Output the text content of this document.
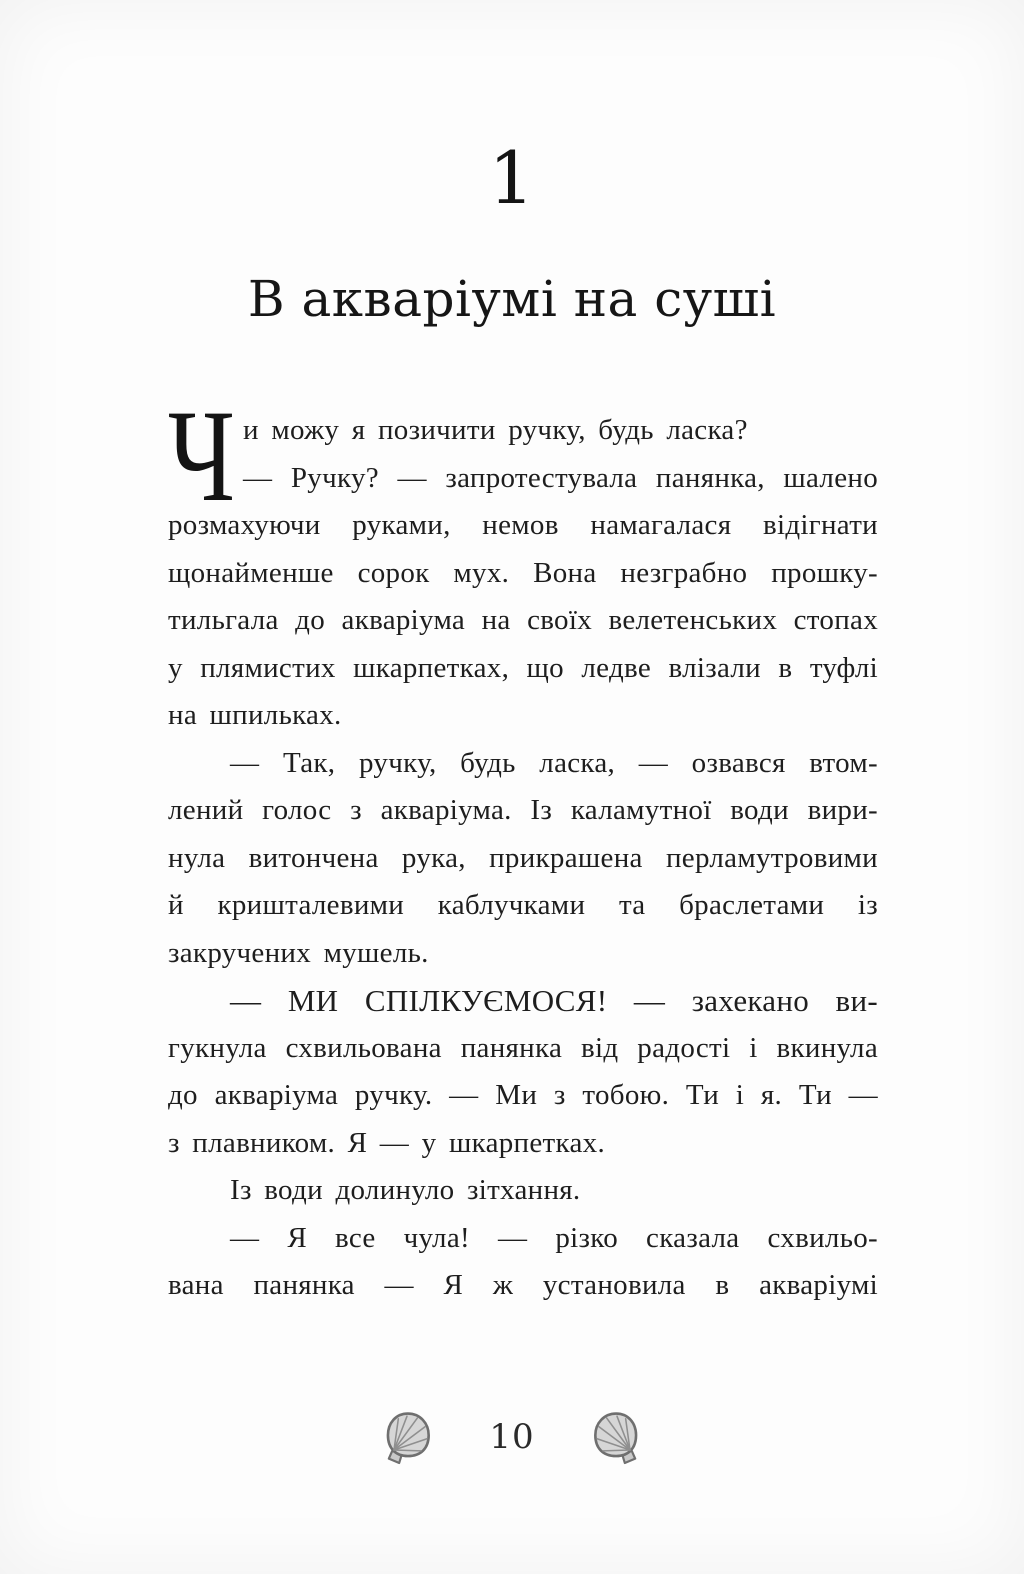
1
В акваріумі на суші
Ч и можу я позичити ручку, будь ласка?
— Ручку? — запротестувала панянка, шалено
розмахуючи руками, немов намагалася відігнати
щонайменше сорок мух. Вона незграбно прошку-
тильгала до акваріума на своїх велетенських стопах
у плямистих шкарпетках, що ледве влізали в туфлі
на шпильках.
— Так, ручку, будь ласка, — озвався втом-
лений голос з акваріума. Із каламутної води вири-
нула витончена рука, прикрашена перламутровими
й кришталевими каблучками та браслетами із
закручених мушель.
— МИ СПІЛКУЄМОСЯ! — захекано ви-
гукнула схвильована панянка від радості і вкинула
до акваріума ручку. — Ми з тобою. Ти і я. Ти —
з плавником. Я — у шкарпетках.
Із води долинуло зітхання.
— Я все чула! — різко сказала схвильо-
вана панянка — Я ж установила в акваріумі
10
